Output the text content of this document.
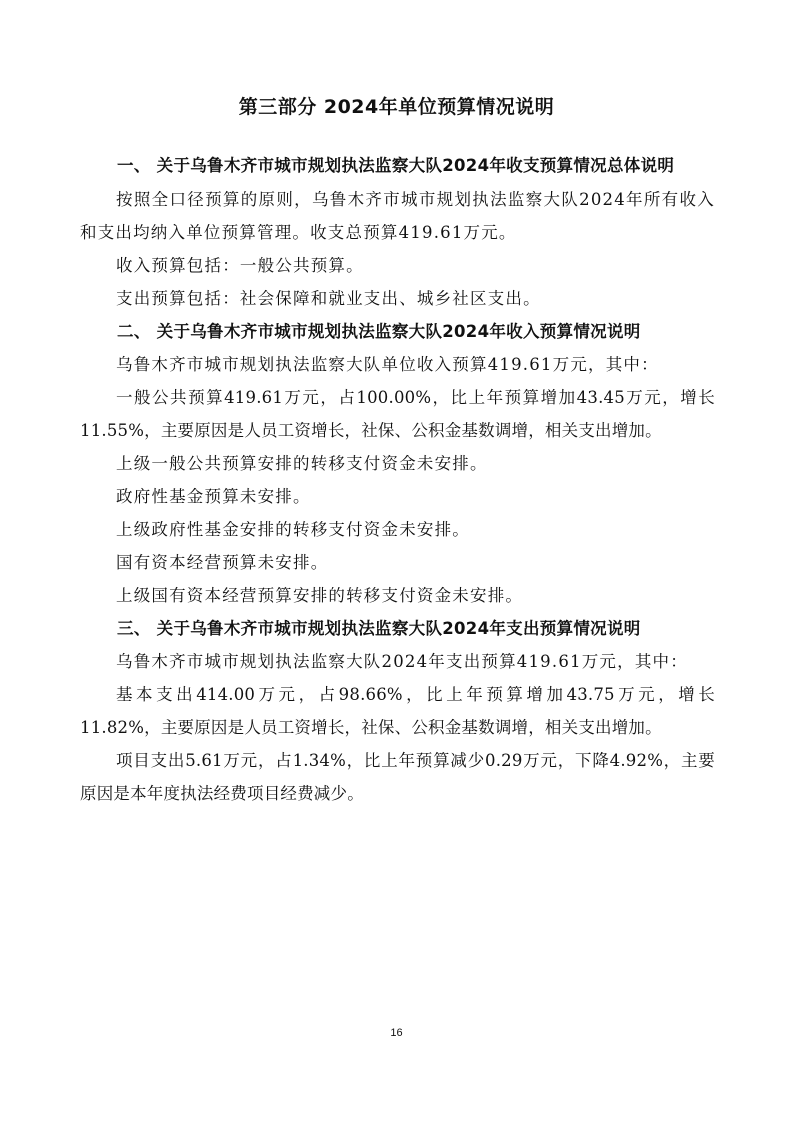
第三部分 2024年单位预算情况说明
一、 关于乌鲁木齐市城市规划执法监察大队2024年收支预算情况总体说明
按照全口径预算的原则，乌鲁木齐市城市规划执法监察大队2024年所有收入和支出均纳入单位预算管理。收支总预算419.61万元。
收入预算包括：一般公共预算。
支出预算包括：社会保障和就业支出、城乡社区支出。
二、 关于乌鲁木齐市城市规划执法监察大队2024年收入预算情况说明
乌鲁木齐市城市规划执法监察大队单位收入预算419.61万元，其中：
一般公共预算419.61万元，占100.00%，比上年预算增加43.45万元，增长11.55%，主要原因是人员工资增长，社保、公积金基数调增，相关支出增加。
上级一般公共预算安排的转移支付资金未安排。
政府性基金预算未安排。
上级政府性基金安排的转移支付资金未安排。
国有资本经营预算未安排。
上级国有资本经营预算安排的转移支付资金未安排。
三、 关于乌鲁木齐市城市规划执法监察大队2024年支出预算情况说明
乌鲁木齐市城市规划执法监察大队2024年支出预算419.61万元，其中：
基本支出414.00万元，占98.66%，比上年预算增加43.75万元，增长11.82%，主要原因是人员工资增长，社保、公积金基数调增，相关支出增加。
项目支出5.61万元，占1.34%，比上年预算减少0.29万元，下降4.92%，主要原因是本年度执法经费项目经费减少。
16
